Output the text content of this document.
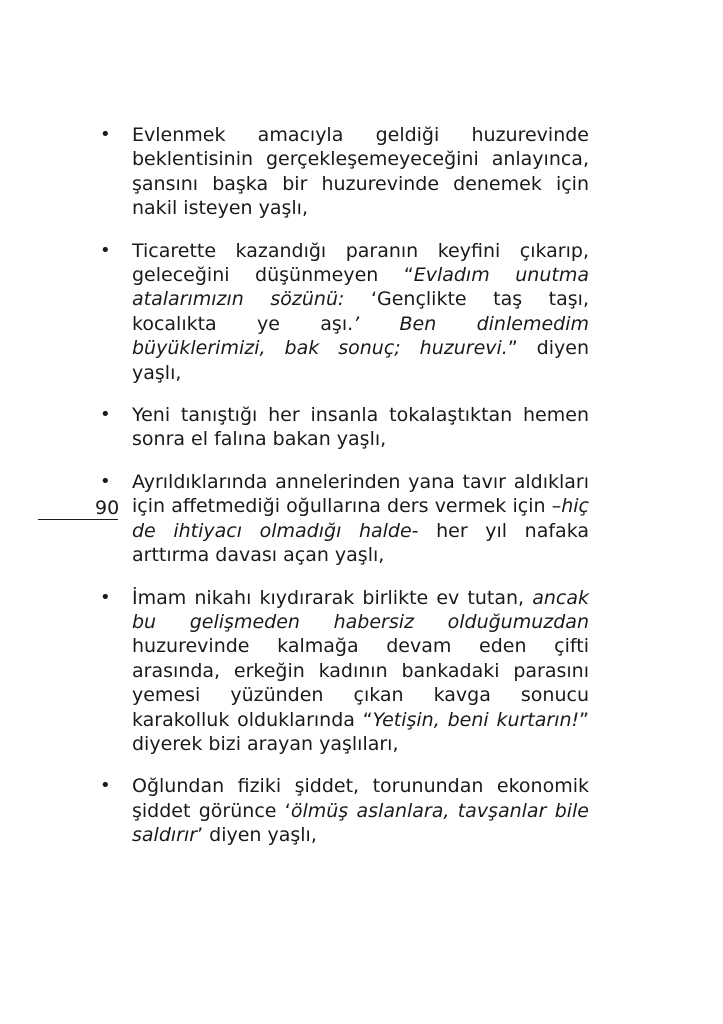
90
• Evlenmek amacıyla geldiği huzurevinde beklentisinin gerçekleşemeyeceğini anlayınca, şansını başka bir huzurevinde denemek için nakil isteyen yaşlı,
• Ticarette kazandığı paranın keyfini çıkarıp, geleceğini düşünmeyen “Evladım unutma atalarımızın sözünü: ‘Gençlikte taş taşı, kocalıkta ye aşı.’ Ben dinlemedim büyüklerimizi, bak sonuç; huzurevi.” diyen yaşlı,
• Yeni tanıştığı her insanla tokalaştıktan hemen sonra el falına bakan yaşlı,
• Ayrıldıklarında annelerinden yana tavır aldıkları için affetmediği oğullarına ders vermek için –hiç de ihtiyacı olmadığı halde- her yıl nafaka arttırma davası açan yaşlı,
• İmam nikahı kıydırarak birlikte ev tutan, ancak bu gelişmeden habersiz olduğumuzdan huzurevinde kalmağa devam eden çifti arasında, erkeğin kadının bankadaki parasını yemesi yüzünden çıkan kavga sonucu karakolluk olduklarında “Yetişin, beni kurtarın!” diyerek bizi arayan yaşlıları,
• Oğlundan fiziki şiddet, torunundan ekonomik şiddet görünce ‘ölmüş aslanlara, tavşanlar bile saldırır’ diyen yaşlı,
